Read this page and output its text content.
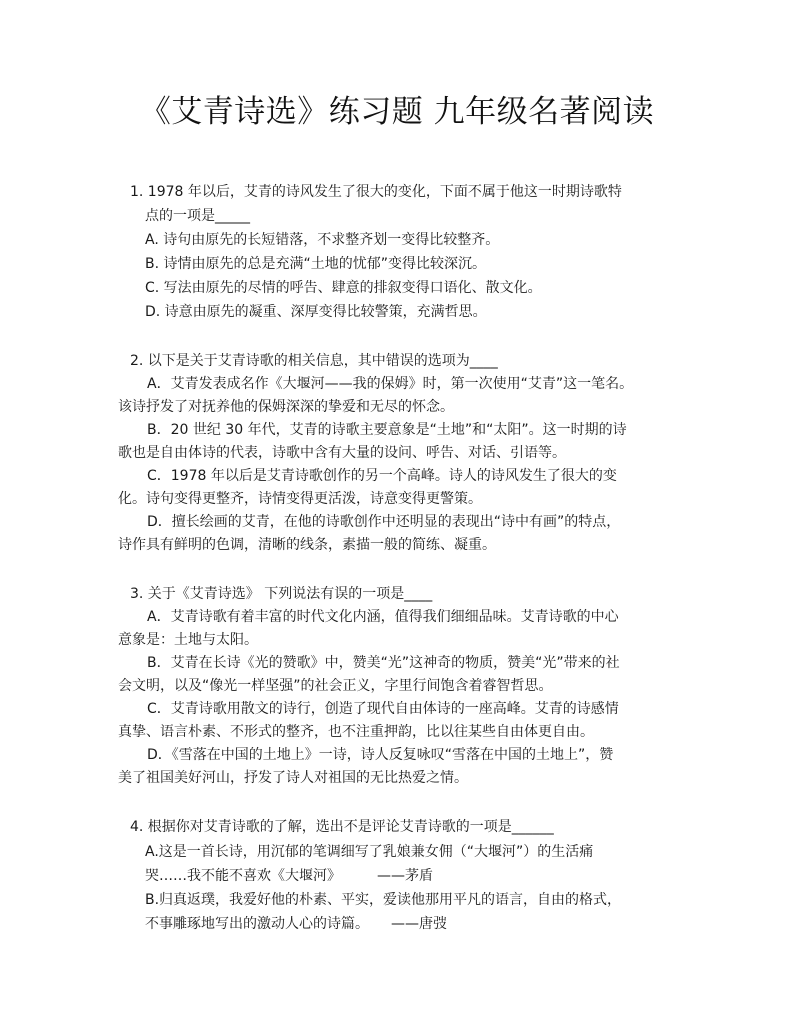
《艾青诗选》练习题 九年级名著阅读
1. 1978 年以后，艾青的诗风发生了很大的变化，下面不属于他这一时期诗歌特
点的一项是_____
A. 诗句由原先的长短错落，不求整齐划一变得比较整齐。
B. 诗情由原先的总是充满“土地的忧郁”变得比较深沉。
C. 写法由原先的尽情的呼告、肆意的排叙变得口语化、散文化。
D. 诗意由原先的凝重、深厚变得比较警策，充满哲思。
2. 以下是关于艾青诗歌的相关信息，其中错误的选项为____
A．艾青发表成名作《大堰河——我的保姆》时，第一次使用“艾青”这一笔名。
该诗抒发了对抚养他的保姆深深的挚爱和无尽的怀念。
B．20 世纪 30 年代，艾青的诗歌主要意象是“土地”和“太阳”。这一时期的诗
歌也是自由体诗的代表，诗歌中含有大量的设问、呼告、对话、引语等。
C．1978 年以后是艾青诗歌创作的另一个高峰。诗人的诗风发生了很大的变
化。诗句变得更整齐，诗情变得更活泼，诗意变得更警策。
D．擅长绘画的艾青，在他的诗歌创作中还明显的表现出“诗中有画”的特点，
诗作具有鲜明的色调，清晰的线条，素描一般的简练、凝重。
3. 关于《艾青诗选》 下列说法有误的一项是____
A．艾青诗歌有着丰富的时代文化内涵，值得我们细细品味。艾青诗歌的中心
意象是：土地与太阳。
B．艾青在长诗《光的赞歌》中，赞美“光”这神奇的物质，赞美“光”带来的社
会文明，以及“像光一样坚强”的社会正义，字里行间饱含着睿智哲思。
C．艾青诗歌用散文的诗行，创造了现代自由体诗的一座高峰。艾青的诗感情
真挚、语言朴素、不形式的整齐，也不注重押韵，比以往某些自由体更自由。
D．《雪落在中国的土地上》一诗，诗人反复咏叹“雪落在中国的土地上”，赞
美了祖国美好河山，抒发了诗人对祖国的无比热爱之情。
4. 根据你对艾青诗歌的了解，选出不是评论艾青诗歌的一项是______
A.这是一首长诗，用沉郁的笔调细写了乳娘兼女佣（“大堰河”）的生活痛
哭……我不能不喜欢《大堰河》	——茅盾
B.归真返璞，我爱好他的朴素、平实，爱读他那用平凡的语言，自由的格式，
不事雕琢地写出的激动人心的诗篇。 ——唐弢
